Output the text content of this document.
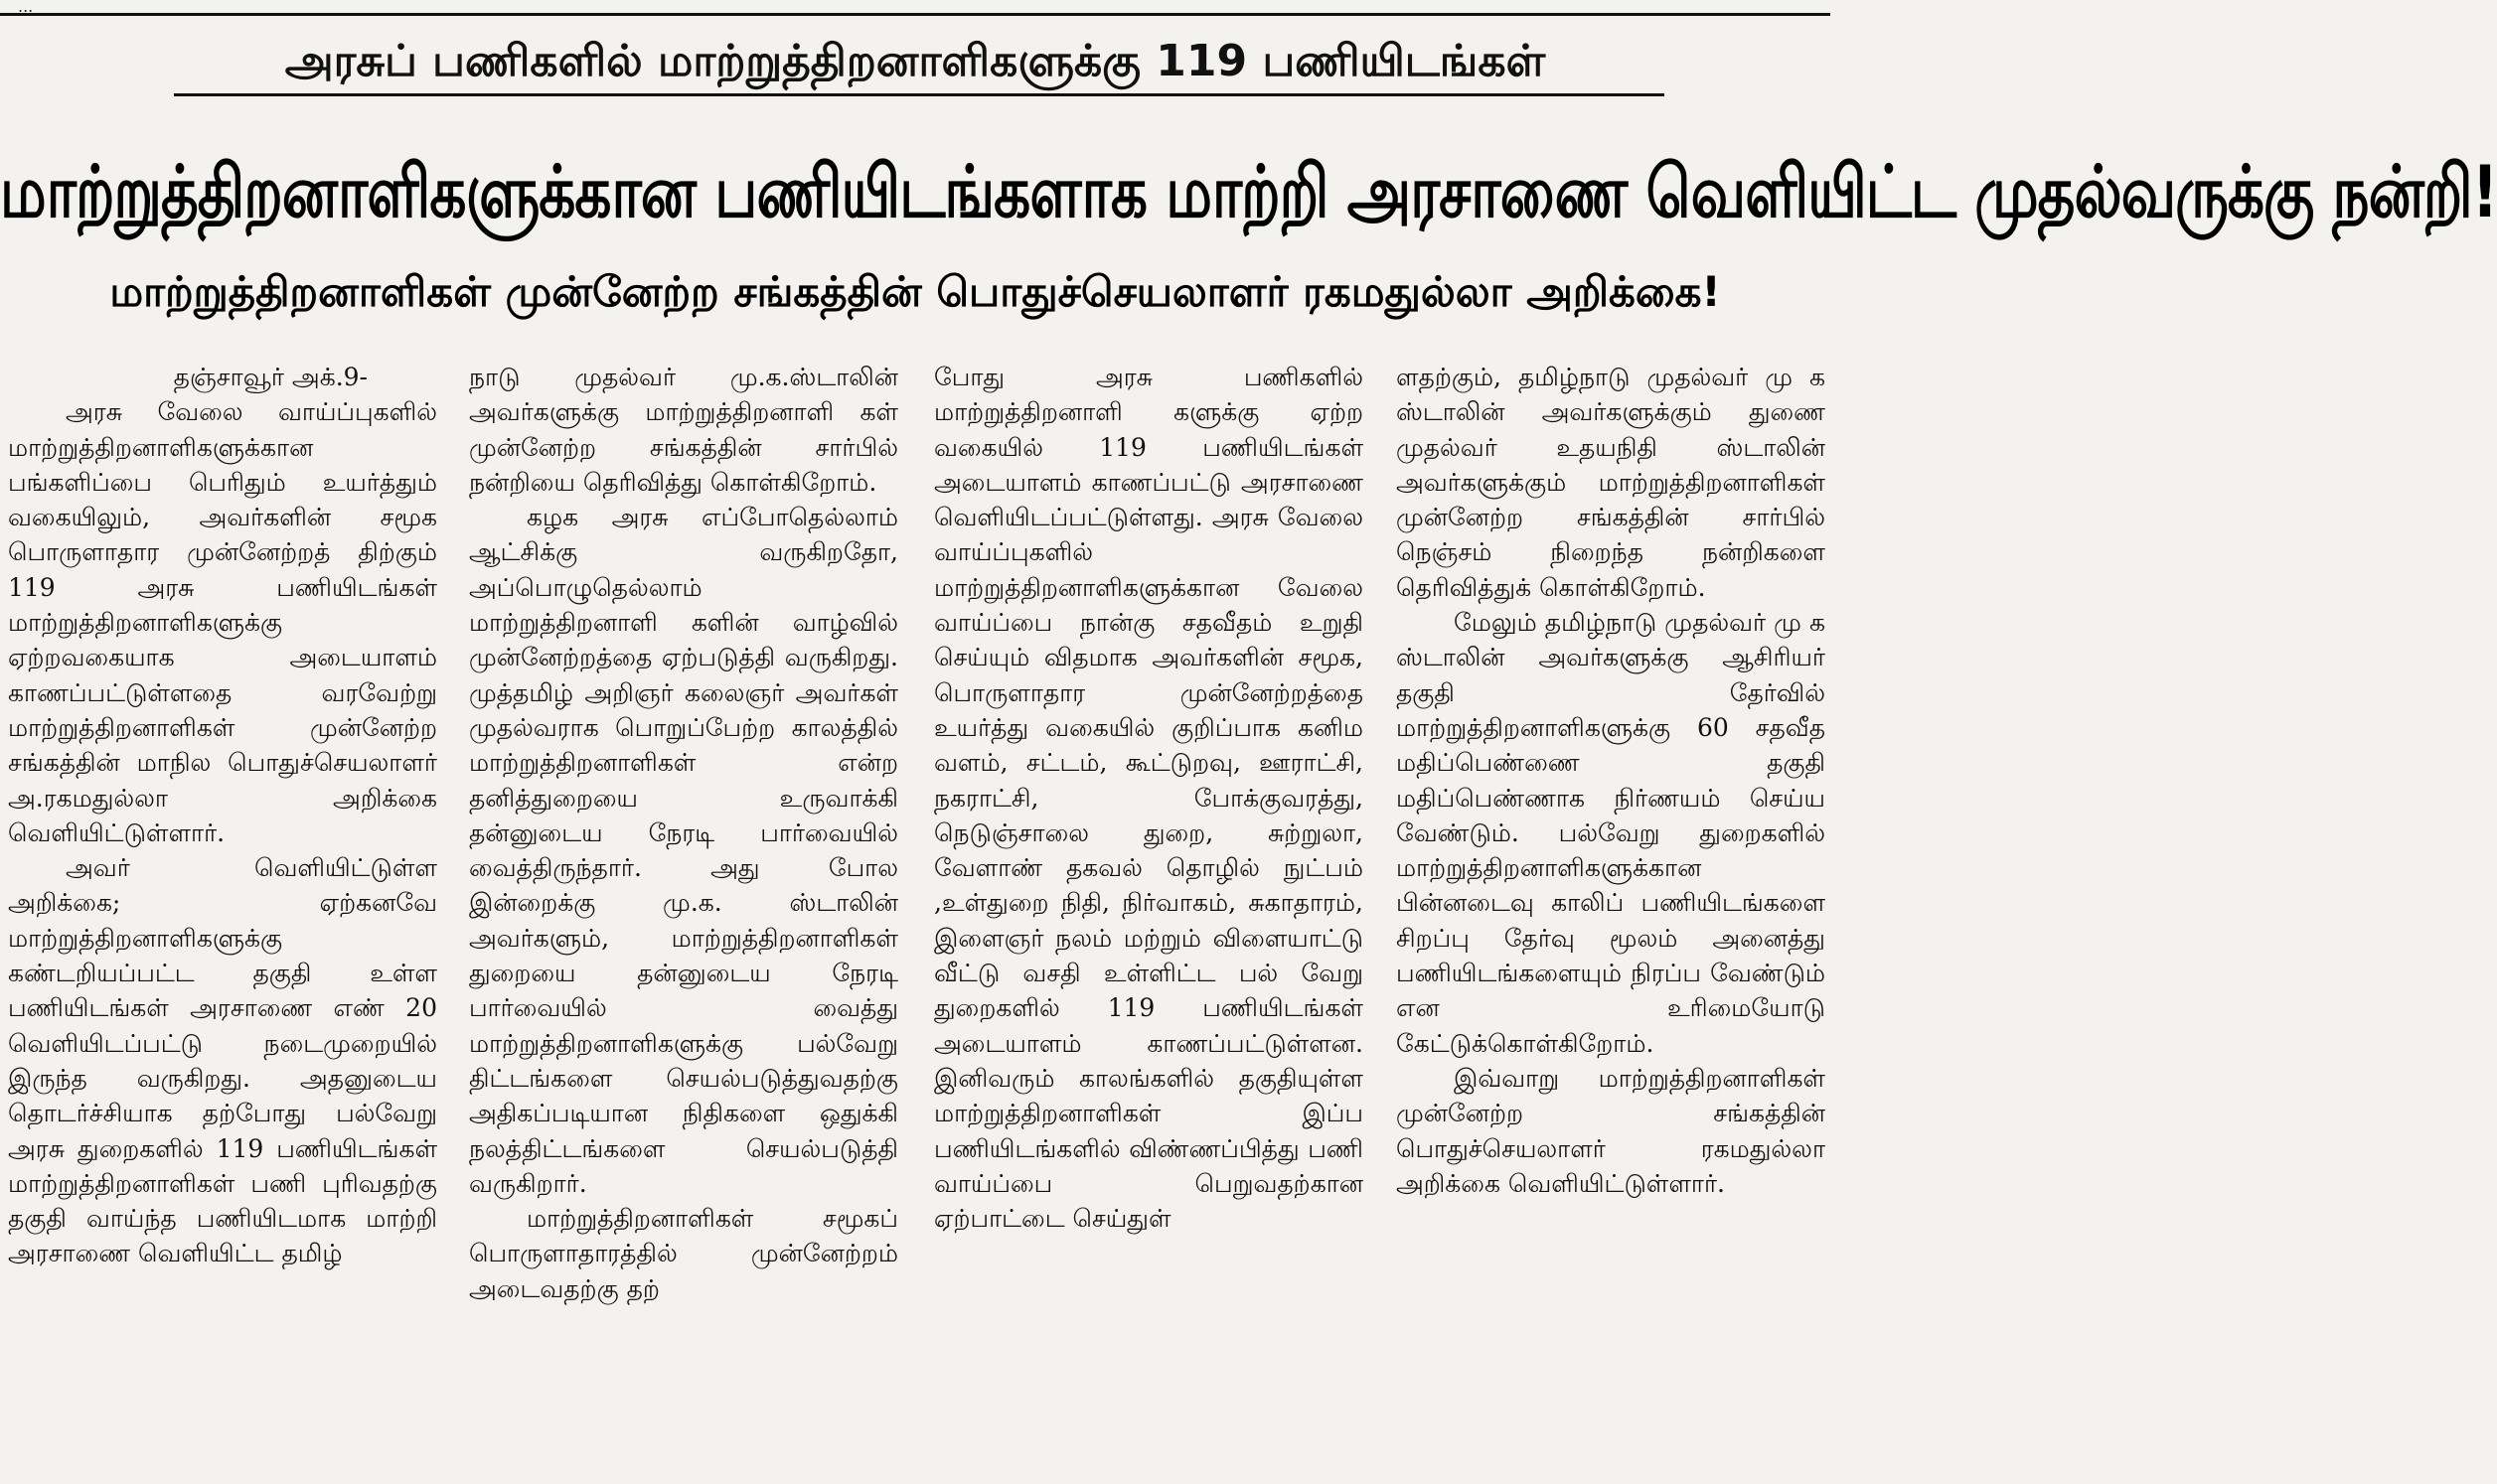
...
அரசுப் பணிகளில் மாற்றுத்திறனாளிகளுக்கு 119 பணியிடங்கள்
மாற்றுத்திறனாளிகளுக்கான பணியிடங்களாக மாற்றி அரசாணை வெளியிட்ட முதல்வருக்கு நன்றி!
மாற்றுத்திறனாளிகள் முன்னேற்ற சங்கத்தின் பொதுச்செயலாளர் ரகமதுல்லா அறிக்கை!
தஞ்சாவூர் அக்.9-

அரசு வேலை வாய்ப்புகளில் மாற்றுத்திறனாளிகளுக்கான பங்களிப்பை பெரிதும் உயர்த்தும் வகையிலும், அவர்களின் சமூக பொருளாதார முன்னேற்றத் திற்கும் 119 அரசு பணியிடங்கள் மாற்றுத்திறனாளிகளுக்கு ஏற்றவகையாக அடையாளம் காணப்பட்டுள்ளதை வரவேற்று மாற்றுத்திறனாளிகள் முன்னேற்ற சங்கத்தின் மாநில பொதுச்செயலாளர் அ.ரகமதுல்லா அறிக்கை வெளியிட்டுள்ளார்.

அவர் வெளியிட்டுள்ள அறிக்கை; ஏற்கனவே மாற்றுத்திறனாளிகளுக்கு கண்டறியப்பட்ட தகுதி உள்ள பணியிடங்கள் அரசாணை எண் 20 வெளியிடப்பட்டு நடைமுறையில் இருந்த வருகிறது. அதனுடைய தொடர்ச்சியாக தற்போது பல்வேறு அரசு துறைகளில் 119 பணியிடங்கள் மாற்றுத்திறனாளிகள் பணி புரிவதற்கு தகுதி வாய்ந்த பணியிடமாக மாற்றி அரசாணை வெளியிட்ட தமிழ்

நாடு முதல்வர் மு.க.ஸ்டாலின் அவர்களுக்கு மாற்றுத்திறனாளி கள் முன்னேற்ற சங்கத்தின் சார்பில் நன்றியை தெரிவித்து கொள்கிறோம்.

கழக அரசு எப்போதெல்லாம் ஆட்சிக்கு வருகிறதோ, அப்பொழுதெல்லாம் மாற்றுத்திறனாளி களின் வாழ்வில் முன்னேற்றத்தை ஏற்படுத்தி வருகிறது. முத்தமிழ் அறிஞர் கலைஞர் அவர்கள் முதல்வராக பொறுப்பேற்ற காலத்தில் மாற்றுத்திறனாளிகள் என்ற தனித்துறையை உருவாக்கி தன்னுடைய நேரடி பார்வையில் வைத்திருந்தார். அது போல இன்றைக்கு மு.க. ஸ்டாலின் அவர்களும், மாற்றுத்திறனாளிகள் துறையை தன்னுடைய நேரடி பார்வையில் வைத்து மாற்றுத்திறனாளிகளுக்கு பல்வேறு திட்டங்களை செயல்படுத்துவதற்கு அதிகப்படியான நிதிகளை ஒதுக்கி நலத்திட்டங்களை செயல்படுத்தி வருகிறார்.

மாற்றுத்திறனாளிகள் சமூகப் பொருளாதாரத்தில் முன்னேற்றம் அடைவதற்கு தற்

போது அரசு பணிகளில் மாற்றுத்திறனாளி களுக்கு ஏற்ற வகையில் 119 பணியிடங்கள் அடையாளம் காணப்பட்டு அரசாணை வெளியிடப்பட்டுள்ளது. அரசு வேலை வாய்ப்புகளில் மாற்றுத்திறனாளிகளுக்கான வேலை வாய்ப்பை நான்கு சதவீதம் உறுதி செய்யும் விதமாக அவர்களின் சமூக, பொருளாதார முன்னேற்றத்தை உயர்த்து வகையில் குறிப்பாக கனிம வளம், சட்டம், கூட்டுறவு, ஊராட்சி, நகராட்சி, போக்குவரத்து, நெடுஞ்சாலை துறை, சுற்றுலா, வேளாண் தகவல் தொழில் நுட்பம் ,உள்துறை நிதி, நிர்வாகம், சுகாதாரம், இளைஞர் நலம் மற்றும் விளையாட்டு வீட்டு வசதி உள்ளிட்ட பல் வேறு துறைகளில் 119 பணியிடங்கள் அடையாளம் காணப்பட்டுள்ளன. இனிவரும் காலங்களில் தகுதியுள்ள மாற்றுத்திறனாளிகள் இப்ப பணியிடங்களில் விண்ணப்பித்து பணி வாய்ப்பை பெறுவதற்கான ஏற்பாட்டை செய்துள்

ளதற்கும், தமிழ்நாடு முதல்வர் மு க ஸ்டாலின் அவர்களுக்கும் துணை முதல்வர் உதயநிதி ஸ்டாலின் அவர்களுக்கும் மாற்றுத்திறனாளிகள் முன்னேற்ற சங்கத்தின் சார்பில் நெஞ்சம் நிறைந்த நன்றிகளை தெரிவித்துக் கொள்கிறோம்.

மேலும் தமிழ்நாடு முதல்வர் மு க ஸ்டாலின் அவர்களுக்கு ஆசிரியர் தகுதி தேர்வில் மாற்றுத்திறனாளிகளுக்கு 60 சதவீத மதிப்பெண்ணை தகுதி மதிப்பெண்ணாக நிர்ணயம் செய்ய வேண்டும். பல்வேறு துறைகளில் மாற்றுத்திறனாளிகளுக்கான பின்னடைவு காலிப் பணியிடங்களை சிறப்பு தேர்வு மூலம் அனைத்து பணியிடங்களையும் நிரப்ப வேண்டும் என உரிமையோடு கேட்டுக்கொள்கிறோம்.

இவ்வாறு மாற்றுத்திறனாளிகள் முன்னேற்ற சங்கத்தின் பொதுச்செயலாளர் ரகமதுல்லா அறிக்கை வெளியிட்டுள்ளார்.
